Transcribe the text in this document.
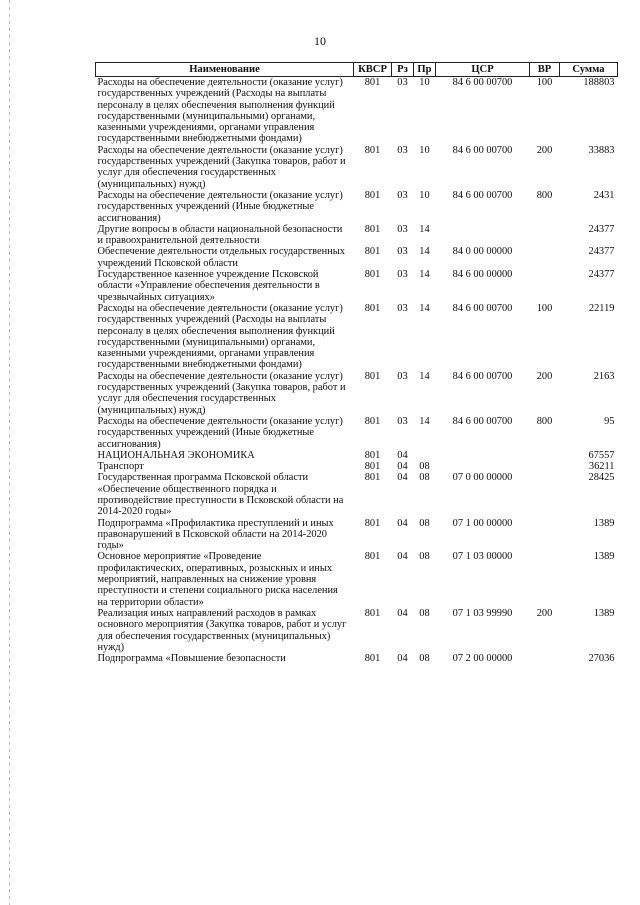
10
Наименование	КВСР	Рз	Пр	ЦСР	ВР	Сумма
Расходы на обеспечение деятельности (оказание услуг) государственных учреждений (Расходы на выплаты персоналу в целях обеспечения выполнения функций государственными (муниципальными) органами, казенными учреждениями, органами управления государственными внебюджетными фондами)	801	03	10	84 6 00 00700	100	188803
Расходы на обеспечение деятельности (оказание услуг) государственных учреждений (Закупка товаров, работ и услуг для обеспечения государственных (муниципальных) нужд)	801	03	10	84 6 00 00700	200	33883
Расходы на обеспечение деятельности (оказание услуг) государственных учреждений (Иные бюджетные ассигнования)	801	03	10	84 6 00 00700	800	2431
Другие вопросы в области национальной безопасности и правоохранительной деятельности	801	03	14			24377
Обеспечение деятельности отдельных государственных учреждений Псковской области	801	03	14	84 0 00 00000		24377
Государственное казенное учреждение Псковской области «Управление обеспечения деятельности в чрезвычайных ситуациях»	801	03	14	84 6 00 00000		24377
Расходы на обеспечение деятельности (оказание услуг) государственных учреждений (Расходы на выплаты персоналу в целях обеспечения выполнения функций государственными (муниципальными) органами, казенными учреждениями, органами управления государственными внебюджетными фондами)	801	03	14	84 6 00 00700	100	22119
Расходы на обеспечение деятельности (оказание услуг) государственных учреждений (Закупка товаров, работ и услуг для обеспечения государственных (муниципальных) нужд)	801	03	14	84 6 00 00700	200	2163
Расходы на обеспечение деятельности (оказание услуг) государственных учреждений (Иные бюджетные ассигнования)	801	03	14	84 6 00 00700	800	95
НАЦИОНАЛЬНАЯ ЭКОНОМИКА	801	04				67557
Транспорт	801	04	08			36211
Государственная программа Псковской области «Обеспечение общественного порядка и противодействие преступности в Псковской области на 2014-2020 годы»	801	04	08	07 0 00 00000		28425
Подпрограмма «Профилактика преступлений и иных правонарушений в Псковской области на 2014-2020 годы»	801	04	08	07 1 00 00000		1389
Основное мероприятие «Проведение профилактических, оперативных, розыскных и иных мероприятий, направленных на снижение уровня преступности и степени социального риска населения на территории области»	801	04	08	07 1 03 00000		1389
Реализация иных направлений расходов в рамках основного мероприятия (Закупка товаров, работ и услуг для обеспечения государственных (муниципальных) нужд)	801	04	08	07 1 03 99990	200	1389
Подпрограмма «Повышение безопасности	801	04	08	07 2 00 00000		27036
